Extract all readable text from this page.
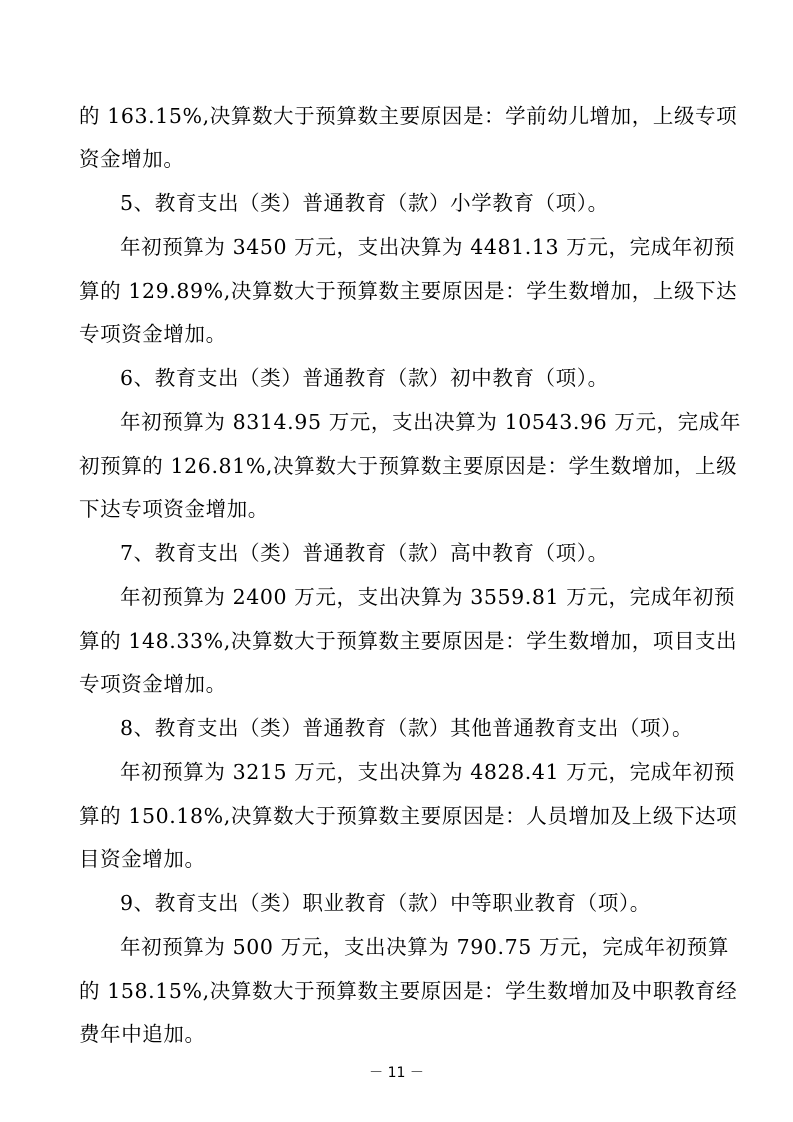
的 163.15%,决算数大于预算数主要原因是：学前幼儿增加，上级专项
资金增加。
5、教育支出（类）普通教育（款）小学教育（项）。
年初预算为 3450 万元，支出决算为 4481.13 万元，完成年初预
算的 129.89%,决算数大于预算数主要原因是：学生数增加，上级下达
专项资金增加。
6、教育支出（类）普通教育（款）初中教育（项）。
年初预算为 8314.95 万元，支出决算为 10543.96 万元，完成年
初预算的 126.81%,决算数大于预算数主要原因是：学生数增加，上级
下达专项资金增加。
7、教育支出（类）普通教育（款）高中教育（项）。
年初预算为 2400 万元，支出决算为 3559.81 万元，完成年初预
算的 148.33%,决算数大于预算数主要原因是：学生数增加，项目支出
专项资金增加。
8、教育支出（类）普通教育（款）其他普通教育支出（项）。
年初预算为 3215 万元，支出决算为 4828.41 万元，完成年初预
算的 150.18%,决算数大于预算数主要原因是：人员增加及上级下达项
目资金增加。
9、教育支出（类）职业教育（款）中等职业教育（项）。
年初预算为 500 万元，支出决算为 790.75 万元，完成年初预算
的 158.15%,决算数大于预算数主要原因是：学生数增加及中职教育经
费年中追加。
－ 11 －
